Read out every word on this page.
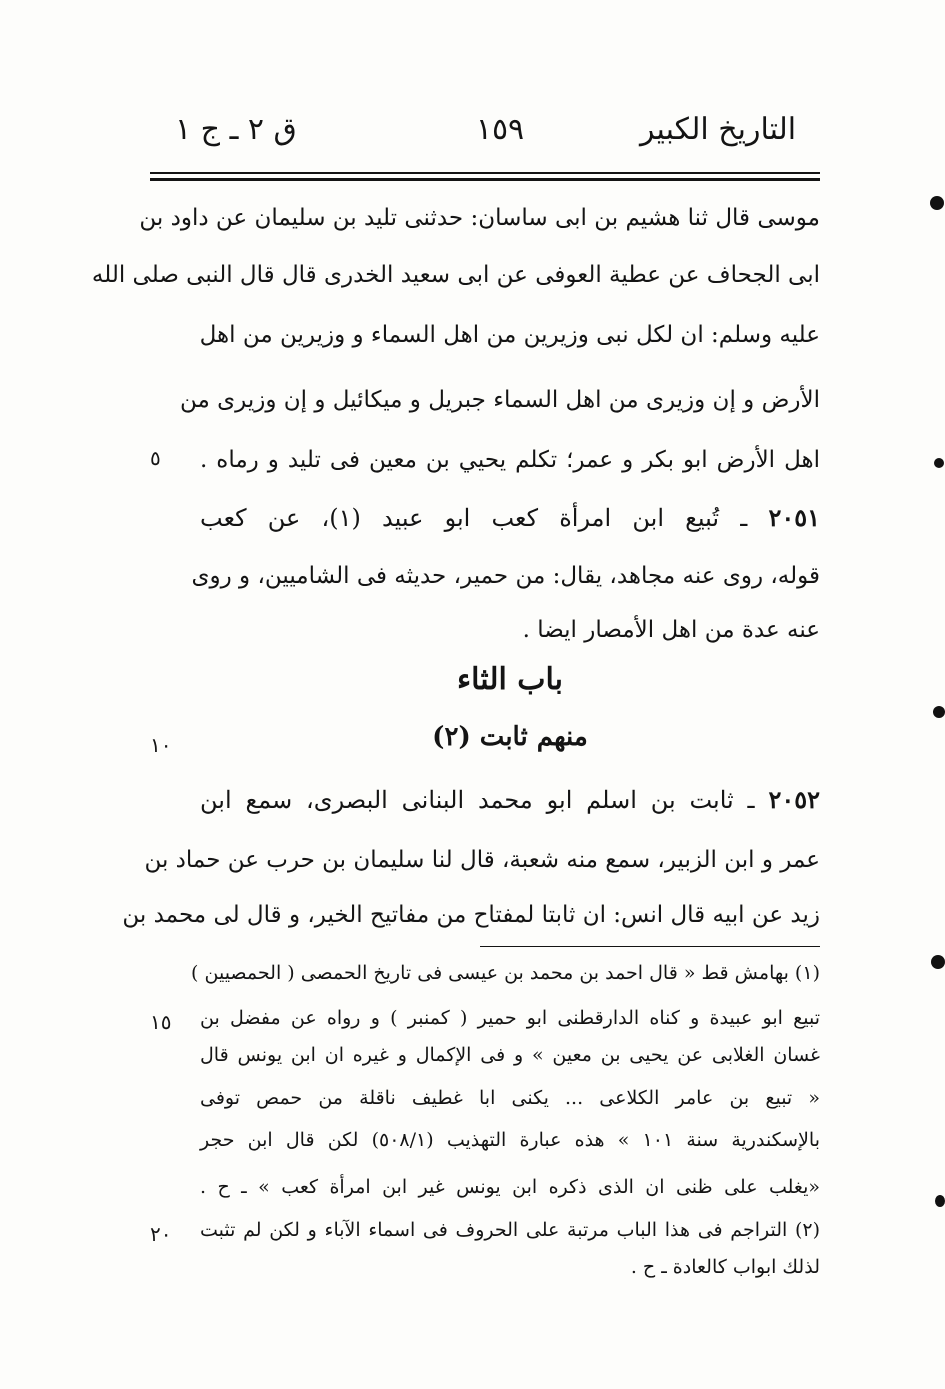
التاريخ الكبير
١٥٩
ق ٢ ـ ج ١
موسى قال ثنا هشيم بن ابى ساسان: حدثنى تليد بن سليمان عن داود بن
ابى الجحاف عن عطية العوفى عن ابى سعيد الخدرى قال قال النبى صلى الله
عليه وسلم: ان لكل نبى وزيرين من اهل السماء و وزيرين من اهل
الأرض و إن وزيرى من اهل السماء جبريل و ميكائيل و إن وزيرى من
اهل الأرض ابو بكر و عمر؛ تكلم يحيي بن معين فى تليد و رماه .
٢٠٥١ ـ تُبيع ابن امرأة كعب ابو عبيد (١)، عن كعب
قوله، روى عنه مجاهد، يقال: من حمير، حديثه فى الشاميين، و روى
عنه عدة من اهل الأمصار ايضا .
باب الثاء
منهم ثابت (٢)
٢٠٥٢ ـ ثابت بن اسلم ابو محمد البنانى البصرى، سمع ابن
عمر و ابن الزبير، سمع منه شعبة، قال لنا سليمان بن حرب عن حماد بن
زيد عن ابيه قال انس: ان ثابتا لمفتاح من مفاتيح الخير، و قال لى محمد بن
(١) بهامش قط « قال احمد بن محمد بن عيسى فى تاريخ الحمصى ( الحمصيين )
تبيع ابو عبيدة و كناه الدارقطنى ابو حمير ( كمنبر ) و رواه عن مفضل بن
غسان الغلابى عن يحيى بن معين » و فى الإكمال و غيره ان ابن يونس قال
« تبيع بن عامر الكلاعى ... يكنى ابا غطيف ناقلة من حمص توفى
بالإسكندرية سنة ١٠١ » هذه عبارة التهذيب (٥٠٨/١) لكن قال ابن حجر
«يغلب على ظنى ان الذى ذكره ابن يونس غير ابن امرأة كعب » ـ ح .
(٢) التراجم فى هذا الباب مرتبة على الحروف فى اسماء الآباء و لكن لم تثبت
لذلك ابواب كالعادة ـ ح .
٥
١٠
١٥
٢٠
